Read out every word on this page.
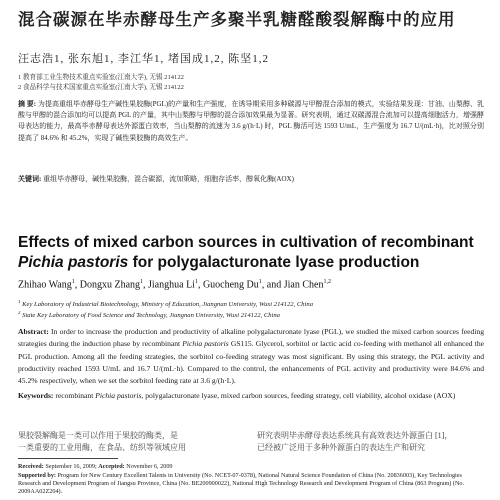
混合碳源在毕赤酵母生产多聚半乳糖醛酸裂解酶中的应用
汪志浩1, 张东旭1, 李江华1, 堵国成1,2, 陈坚1,2
1 教育部工业生物技术重点实验室(江南大学), 无锡 214122
2 食品科学与技术国家重点实验室(江南大学), 无锡 214122
摘 要: 为提高重组毕赤酵母生产碱性果胶酶(PGL)的产量和生产强度，在诱导期采用多种碳源与甲醇混合添加的模式，实验结果发现：甘油、山梨醇、乳酸与甲醇的混合添加均可以提高 PGL 的产量，其中山梨醇与甲醇的混合添加效果最为显著。研究表明，通过双碳源混合流加可以提高细胞活力，增强酵母表达的能力，最高毕赤酵母表达外源蛋白效率，当山梨醇的流速为 3.6 g/(h·L) 时，PGL 酶活可达 1593 U/mL，生产强度为 16.7 U/(mL·h)，比对照分别提高了 84.6% 和 45.2%，实现了碱性果胶酶的高效生产。
关键词: 重组毕赤酵母，碱性果胶酶，混合碳源，流加策略，细胞存活率，醇氧化酶(AOX)
Effects of mixed carbon sources in cultivation of recombinant
Pichia pastoris for polygalacturonate lyase production
Zhihao Wang$^1$, Dongxu Zhang$^1$, Jianghua Li$^1$, Guocheng Du$^1$, and Jian Chen$^{1,2}$
$^1$ Key Laboratory of Industrial Biotechnology, Ministry of Education, Jiangnan University, Wuxi 214122, China
$^2$ State Key Laboratory of Food Science and Technology, Jiangnan University, Wuxi 214122, China
Abstract: In order to increase the production and productivity of alkaline polygalacturonate lyase (PGL), we studied the mixed carbon sources feeding strategies during the induction phase by recombinant Pichia pastoris GS115. Glycerol, sorbitol or lactic acid co-feeding with methanol all enhanced the PGL production. Among all the feeding strategies, the sorbitol co-feeding strategy was most significant. By using this strategy, the PGL activity and productivity reached 1593 U/mL and 16.7 U/(mL·h). Compared to the control, the enhancements of PGL activity and productivity were 84.6% and 45.2% respectively, when we set the sorbitol feeding rate at 3.6 g/(h·L).
Keywords: recombinant Pichia pastoris, polygalacturonate lyase, mixed carbon sources, feeding strategy, cell viability, alcohol oxidase (AOX)
果胶裂解酶是一类可以作用于果胶的酶类，是
一类重要的工业用酶，在食品、纺织等领域应用
研究表明毕赤酵母表达系统具有高效表达外源蛋白 [1]，
已经被广泛用于多种外源蛋白的表达生产和研究
Received: September 16, 2009; Accepted: November 6, 2009
Supported by: Program for New Century Excellent Talents in University (No. NCET-07-0378), National Natural Science Foundation of China (No. 20836003), Key Technologies Research and Development Program of Jiangsu Province, China (No. BE200900022), National High Technology Research and Development Program of China (863 Program) (No. 2009AA02Z204).
